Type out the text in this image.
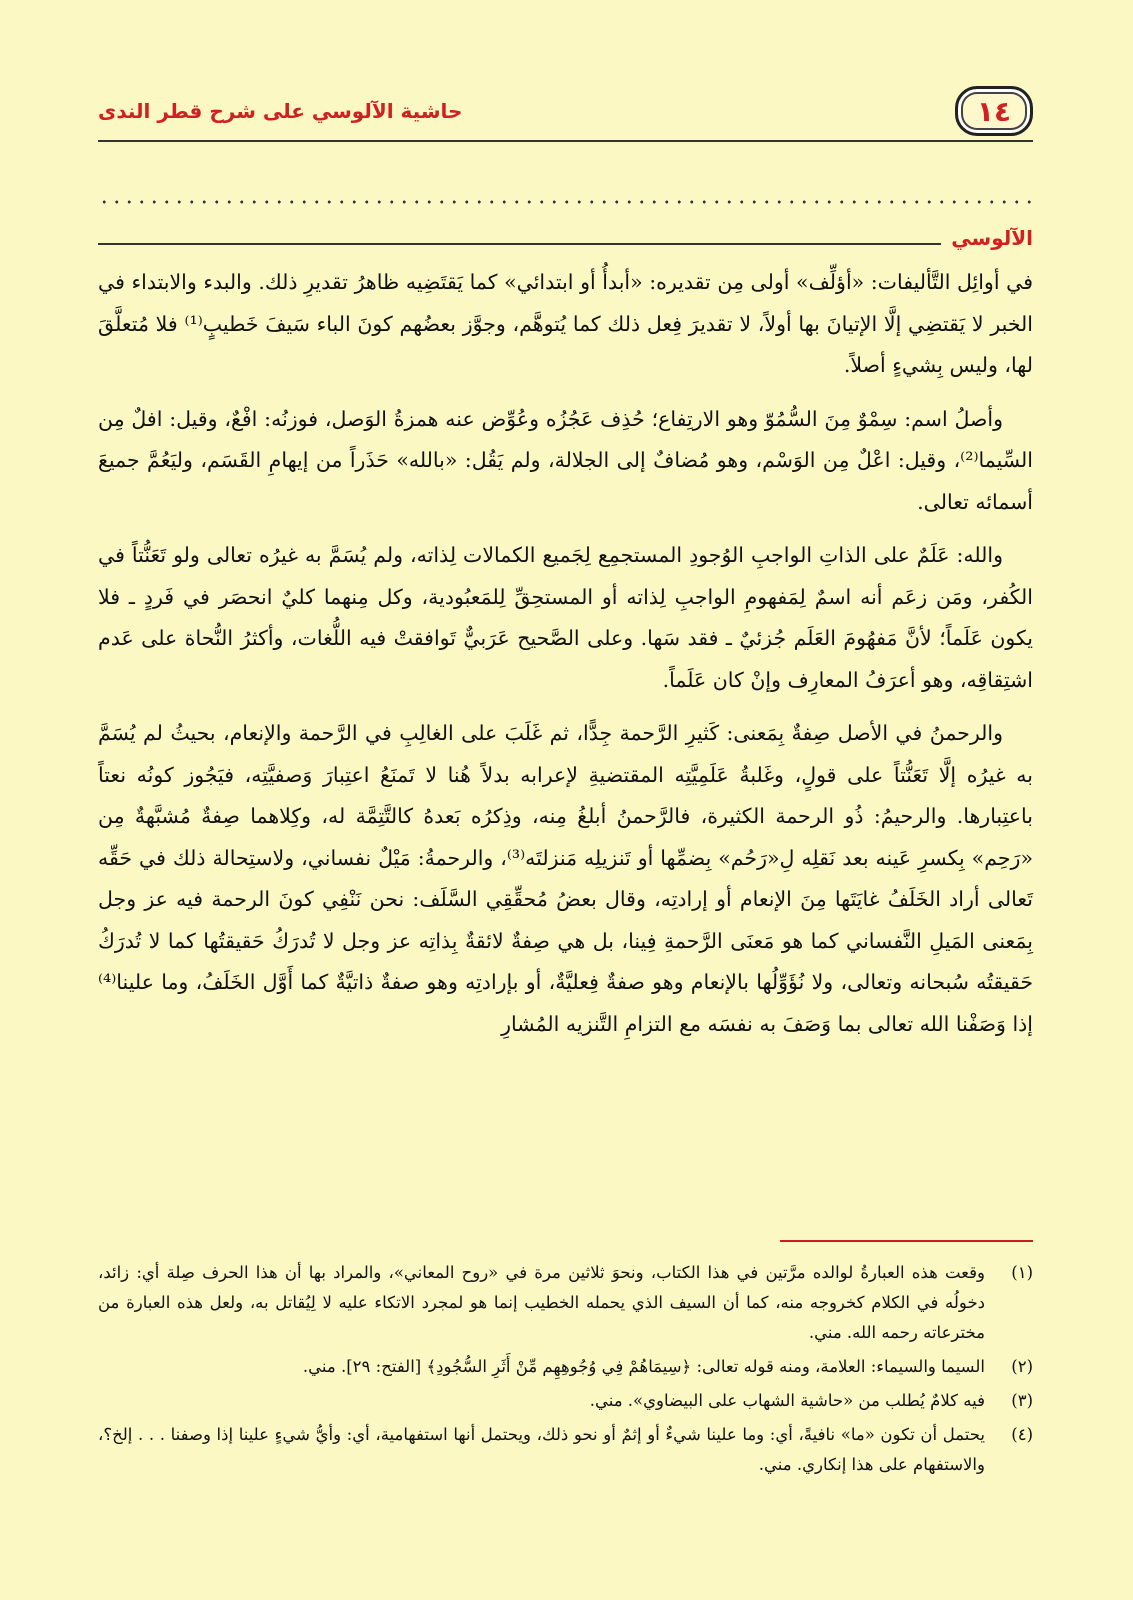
١٤
حاشية الآلوسي على شرح قطر الندى
الآلوسي

في أوائِل التَّأليفات: «أؤلِّف» أولى مِن تقديره: «أبدأُ أو ابتدائي» كما يَقتَضِيه ظاهرُ تقديرِ ذلك. والبدء والابتداء في الخبر لا يَقتضِي إلَّا الإتيانَ بها أولاً، لا تقديرَ فِعل ذلك كما يُتوهَّم، وجوَّز بعضُهم كونَ الباء سَيفَ خَطيبٍ⁽¹⁾ فلا مُتعلَّقَ لها، وليس بِشيءٍ أصلاً.

وأصلُ اسم: سِمْوٌ مِنَ السُّمُوّ وهو الارتِفاع؛ حُذِف عَجُزُه وعُوِّض عنه همزةُ الوَصل، فوزنُه: افْعٌ، وقيل: افلٌ مِن السِّيما⁽²⁾، وقيل: اعْلٌ مِن الوَسْم، وهو مُضافٌ إلى الجلالة، ولم يَقُل: «بالله» حَذَراً من إيهامِ القَسَم، وليَعُمَّ جميعَ أسمائه تعالى.

والله: عَلَمٌ على الذاتِ الواجبِ الوُجودِ المستجمِع لِجَميع الكمالات لِذاته، ولم يُسَمَّ به غيرُه تعالى ولو تَعَنُّتاً في الكُفر، ومَن زعَم أنه اسمٌ لِمَفهومِ الواجبِ لِذاته أو المستحِقِّ لِلمَعبُودية، وكل مِنهما كليٌ انحصَر في فَردٍ ـ فلا يكون عَلَماً؛ لأنَّ مَفهُومَ العَلَم جُزئيٌ ـ فقد سَها. وعلى الصَّحيح عَرَبيٌّ تَوافقتْ فيه اللُّغات، وأكثرُ النُّحاة على عَدم اشتِقاقِه، وهو أعرَفُ المعارِف وإنْ كان عَلَماً.

والرحمنُ في الأصل صِفةٌ بِمَعنى: كَثيرِ الرَّحمة جِدًّا، ثم غَلَبَ على الغالِبِ في الرَّحمة والإنعام، بحيثُ لم يُسَمَّ به غيرُه إلَّا تَعَنُّتاً على قولٍ، وغَلبةُ عَلَمِيَّتِه المقتضيةِ لإعرابه بدلاً هُنا لا تَمنَعُ اعتِبارَ وَصفيَّتِه، فيَجُوز كونُه نعتاً باعتِبارها. والرحيمُ: ذُو الرحمة الكثيرة، فالرَّحمنُ أبلغُ مِنه، وذِكرُه بَعدهُ كالتَّتِمَّة له، وكِلاهما صِفةٌ مُشبَّهةٌ مِن «رَحِم» بِكسرِ عَينه بعد نَقلِه لِ«رَحُم» بِضمِّها أو تَنزيلِه مَنزلتَه⁽³⁾، والرحمةُ: مَيْلٌ نفساني، ولاستِحالة ذلك في حَقِّه تَعالى أراد الخَلَفُ غايَتَها مِنَ الإنعام أو إرادتِه، وقال بعضُ مُحقِّقِي السَّلَف: نحن نَنْفِي كونَ الرحمة فيه عز وجل بِمَعنى المَيلِ النَّفساني كما هو مَعنَى الرَّحمةِ فِينا، بل هي صِفةٌ لائقةٌ بِذاتِه عز وجل لا تُدرَكُ حَقيقتُها كما لا تُدرَكُ حَقيقتُه سُبحانه وتعالى، ولا نُؤَوِّلُها بالإنعام وهو صفةٌ فِعليَّةٌ، أو بإرادتِه وهو صفةٌ ذاتيَّةٌ كما أَوَّل الخَلَفُ، وما علينا⁽⁴⁾ إذا وَصَفْنا الله تعالى بما وَصَفَ به نفسَه مع التزامِ التَّنزيه المُشارِ

(١)
وقعت هذه العبارةُ لوالده مرَّتين في هذا الكتاب، ونحوَ ثلاثين مرة في «روح المعاني»، والمراد بها أن هذا الحرف صِلة أي: زائد، دخولُه في الكلام كخروجه منه، كما أن السيف الذي يحمله الخطيب إنما هو لمجرد الاتكاء عليه لا لِيُقاتل به، ولعل هذه العبارة من مخترعاته رحمه الله. مني.
(٢)
السيما والسيماء: العلامة، ومنه قوله تعالى: ﴿سِيمَاهُمْ فِي وُجُوهِهِم مِّنْ أَثَرِ السُّجُودِ﴾ [الفتح: ٢٩]. مني.
(٣)
فيه كلامٌ يُطلب من «حاشية الشهاب على البيضاوي». مني.
(٤)
يحتمل أن تكون «ما» نافيةً، أي: وما علينا شيءٌ أو إثمٌ أو نحو ذلك، ويحتمل أنها استفهامية، أي: وأيُّ شيءٍ علينا إذا وصفنا . . . إلخ؟، والاستفهام على هذا إنكاري. مني.
